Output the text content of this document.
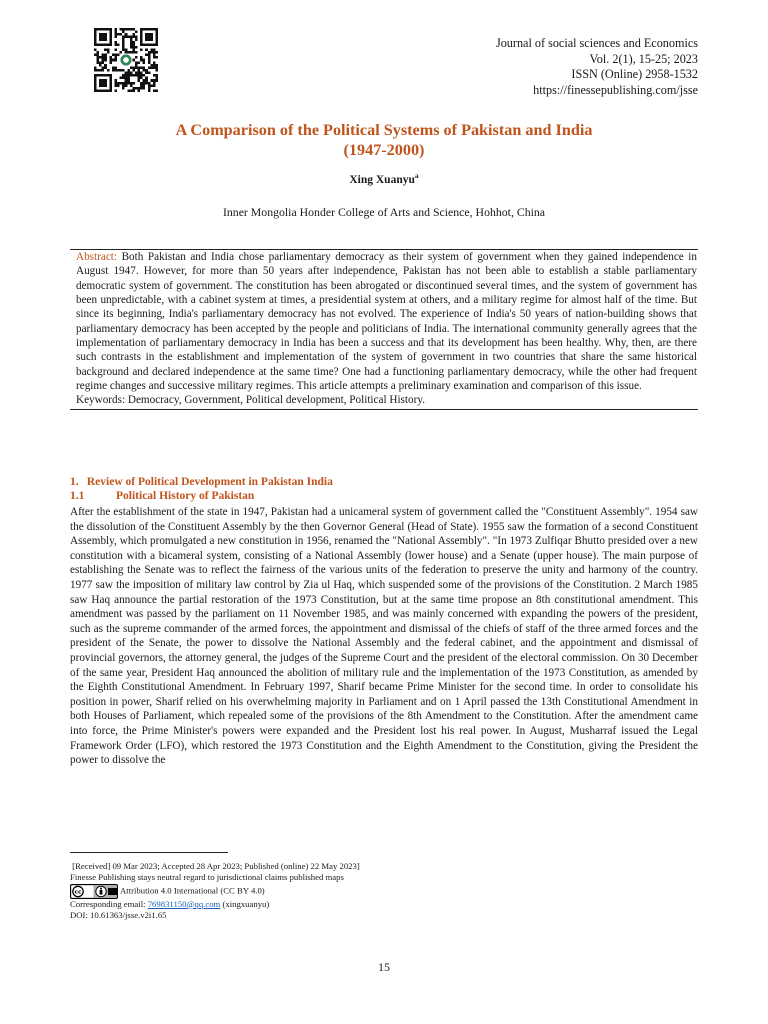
Journal of social sciences and Economics
Vol. 2(1), 15-25; 2023
ISSN (Online) 2958-1532
https://finessepublishing.com/jsse
A Comparison of the Political Systems of Pakistan and India
(1947-2000)
Xing Xuanyu$^a$
Inner Mongolia Honder College of Arts and Science, Hohhot, China

Abstract: Both Pakistan and India chose parliamentary democracy as their system of government when they gained independence in August 1947. However, for more than 50 years after independence, Pakistan has not been able to establish a stable parliamentary democratic system of government. The constitution has been abrogated or discontinued several times, and the system of government has been unpredictable, with a cabinet system at times, a presidential system at others, and a military regime for almost half of the time. But since its beginning, India's parliamentary democracy has not evolved. The experience of India's 50 years of nation-building shows that parliamentary democracy has been accepted by the people and politicians of India. The international community generally agrees that the implementation of parliamentary democracy in India has been a success and that its development has been healthy. Why, then, are there such contrasts in the establishment and implementation of the system of government in two countries that share the same historical background and declared independence at the same time? One had a functioning parliamentary democracy, while the other had frequent regime changes and successive military regimes. This article attempts a preliminary examination and comparison of this issue.

Keywords: Democracy, Government, Political development, Political History.

1. Review of Political Development in Pakistan India
1.1	Political History of Pakistan

After the establishment of the state in 1947, Pakistan had a unicameral system of government called the "Constituent Assembly". 1954 saw the dissolution of the Constituent Assembly by the then Governor General (Head of State). 1955 saw the formation of a second Constituent Assembly, which promulgated a new constitution in 1956, renamed the "National Assembly". "In 1973 Zulfiqar Bhutto presided over a new constitution with a bicameral system, consisting of a National Assembly (lower house) and a Senate (upper house). The main purpose of establishing the Senate was to reflect the fairness of the various units of the federation to preserve the unity and harmony of the country. 1977 saw the imposition of military law control by Zia ul Haq, which suspended some of the provisions of the Constitution. 2 March 1985 saw Haq announce the partial restoration of the 1973 Constitution, but at the same time propose an 8th constitutional amendment. This amendment was passed by the parliament on 11 November 1985, and was mainly concerned with expanding the powers of the president, such as the supreme commander of the armed forces, the appointment and dismissal of the chiefs of staff of the three armed forces and the president of the Senate, the power to dissolve the National Assembly and the federal cabinet, and the appointment and dismissal of provincial governors, the attorney general, the judges of the Supreme Court and the president of the electoral commission. On 30 December of the same year, President Haq announced the abolition of military rule and the implementation of the 1973 Constitution, as amended by the Eighth Constitutional Amendment. In February 1997, Sharif became Prime Minister for the second time. In order to consolidate his position in power, Sharif relied on his overwhelming majority in Parliament and on 1 April passed the 13th Constitutional Amendment in both Houses of Parliament, which repealed some of the provisions of the 8th Amendment to the Constitution. After the amendment came into force, the Prime Minister's powers were expanded and the President lost his real power. In August, Musharraf issued the Legal Framework Order (LFO), which restored the 1973 Constitution and the Eighth Amendment to the Constitution, giving the President the power to dissolve the

[Received] 09 Mar 2023; Accepted 28 Apr 2023; Published (online) 22 May 2023]
Finesse Publishing stays neutral regard to jurisdictional claims published maps
cc	Attribution 4.0 International (CC BY 4.0)
Corresponding email: 769831150@qq.com (xingxuanyu)
DOI: 10.61363/jsse.v2i1.65
15
